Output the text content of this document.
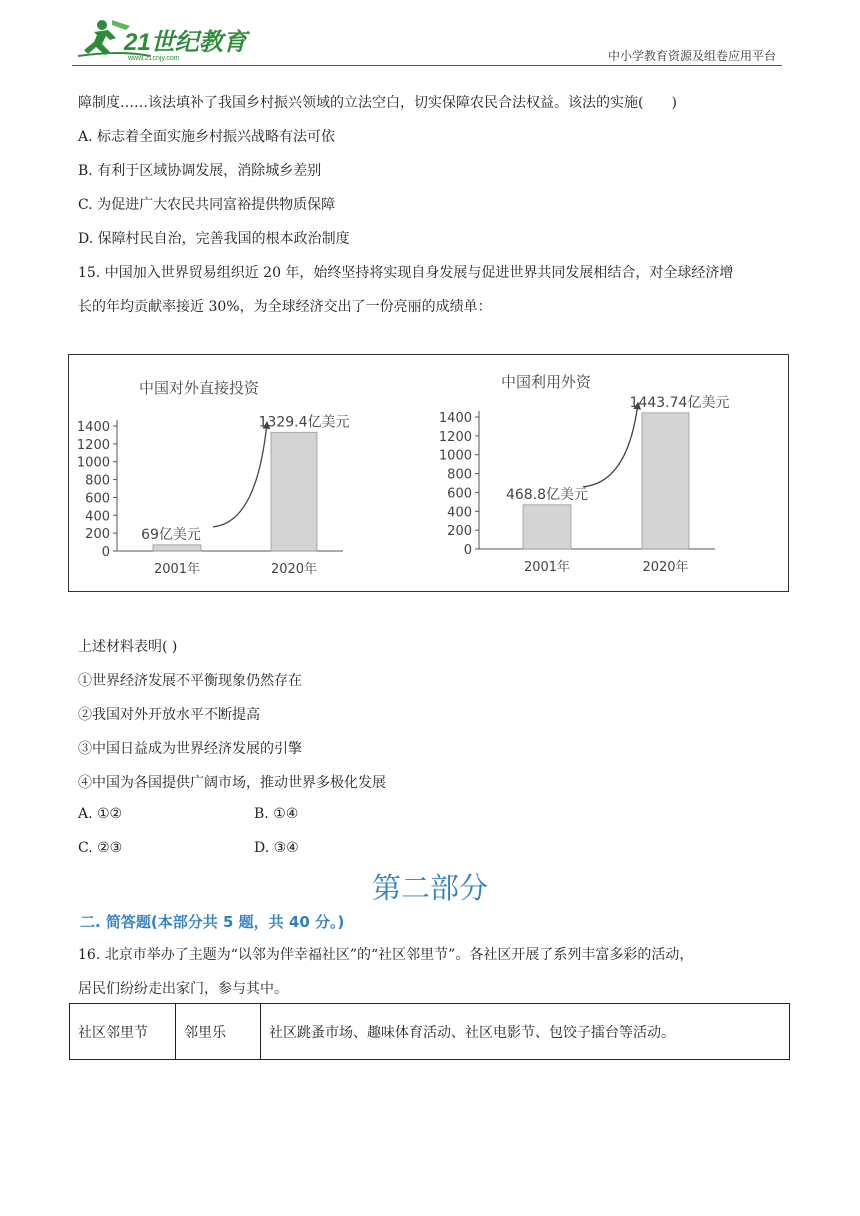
21世纪教育
www.21cnjy.com	中小学教育资源及组卷应用平台
障制度……该法填补了我国乡村振兴领域的立法空白，切实保障农民合法权益。该法的实施(　　)
A. 标志着全面实施乡村振兴战略有法可依
B. 有利于区域协调发展，消除城乡差别
C. 为促进广大农民共同富裕提供物质保障
D. 保障村民自治，完善我国的根本政治制度
15. 中国加入世界贸易组织近 20 年，始终坚持将实现自身发展与促进世界共同发展相结合，对全球经济增
长的年均贡献率接近 30%，为全球经济交出了一份亮丽的成绩单：
中国对外直接投资
0
200
400
600
800
1000
1200
1400
2001年	2020年
69亿美元
1329.4亿美元
中国利用外资
0
200
400
600
800
1000
1200
1400
2001年	2020年
468.8亿美元
1443.74亿美元
上述材料表明( )
①世界经济发展不平衡现象仍然存在
②我国对外开放水平不断提高
③中国日益成为世界经济发展的引擎
④中国为各国提供广阔市场，推动世界多极化发展
A. ①②	B. ①④
C. ②③	D. ③④
第二部分
二. 简答题(本部分共 5 题，共 40 分。)
16. 北京市举办了主题为“以邻为伴幸福社区”的“社区邻里节”。各社区开展了系列丰富多彩的活动，
居民们纷纷走出家门，参与其中。
社区邻里节	邻里乐	社区跳蚤市场、趣味体育活动、社区电影节、包饺子擂台等活动。
